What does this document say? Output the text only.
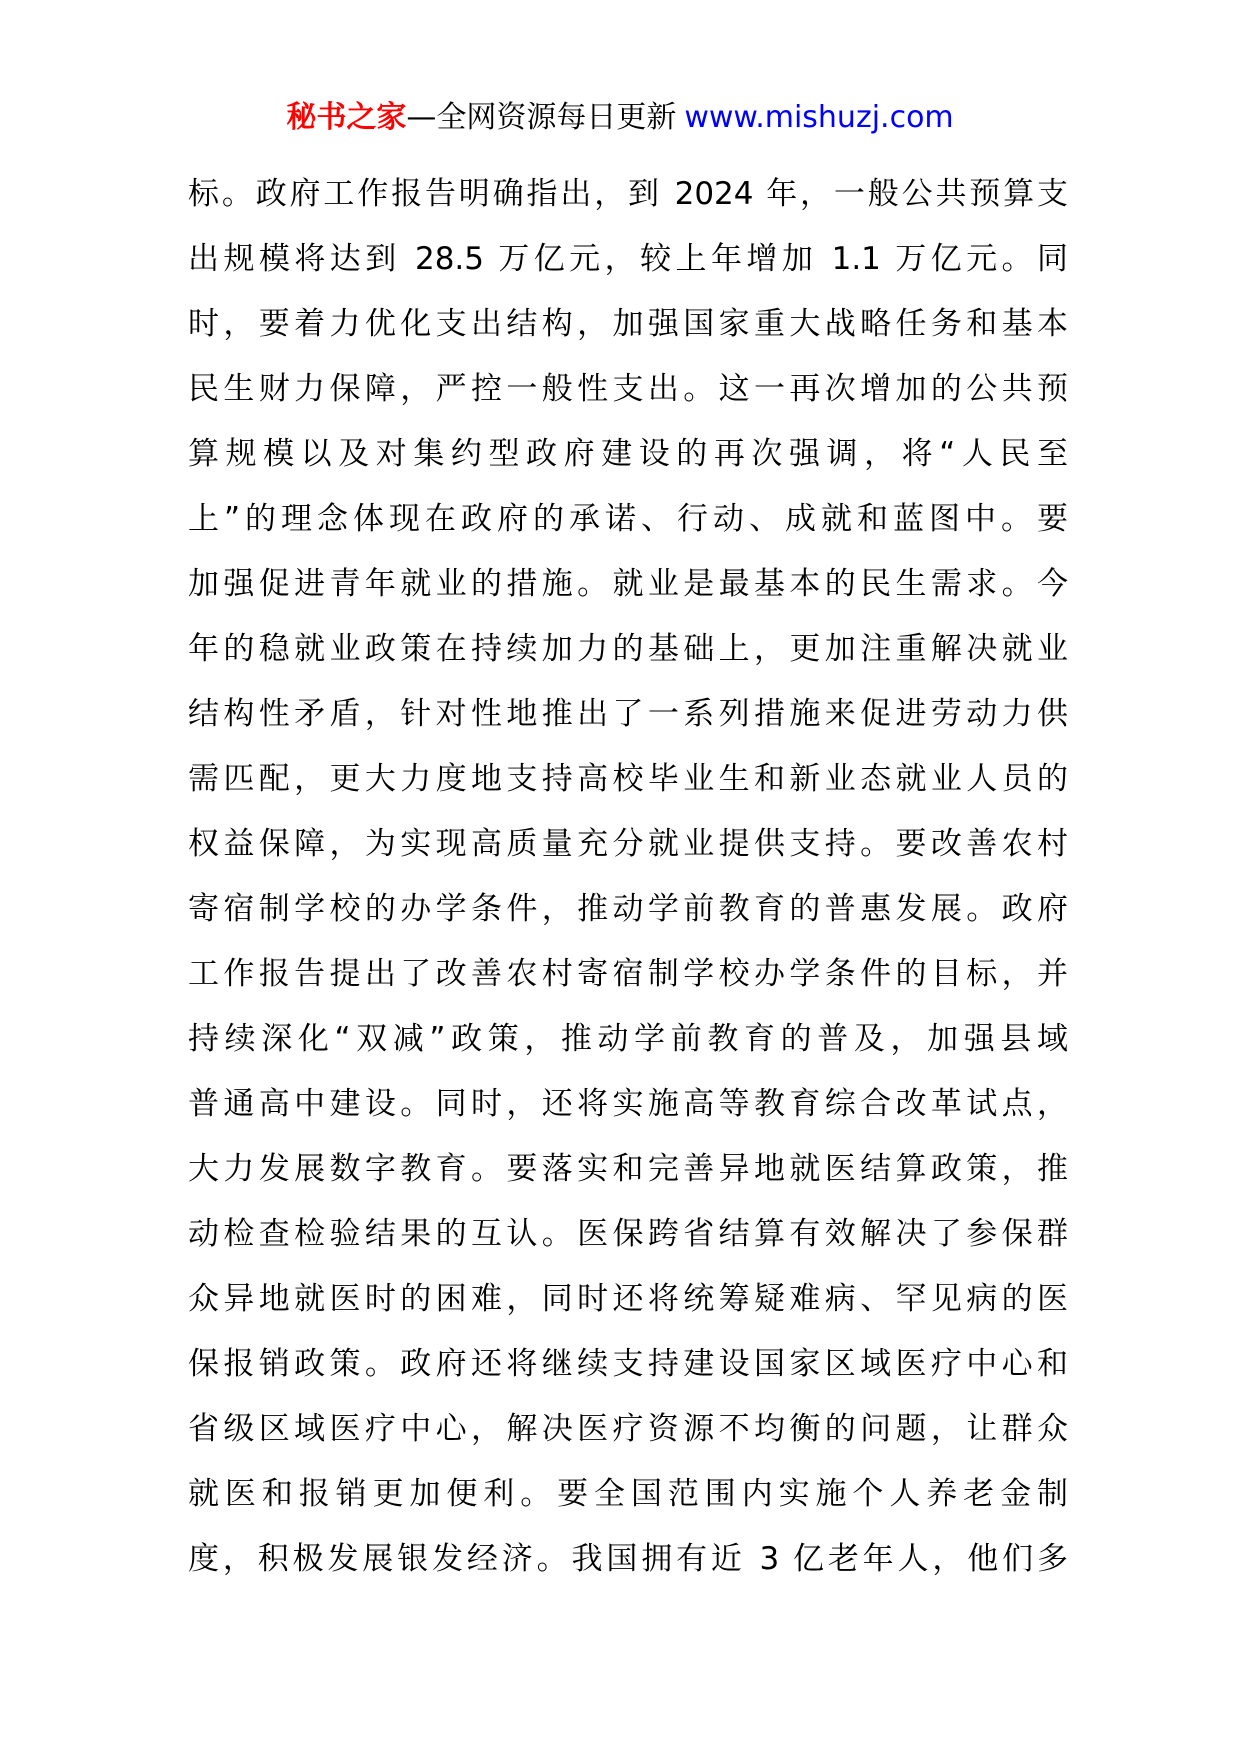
秘书之家—全网资源每日更新 www.mishuzj.com
标。政府工作报告明确指出，到 2024 年，一般公共预算支
出规模将达到 28.5 万亿元，较上年增加 1.1 万亿元。同
时，要着力优化支出结构，加强国家重大战略任务和基本
民生财力保障，严控一般性支出。这一再次增加的公共预
算规模以及对集约型政府建设的再次强调，将“人民至
上”的理念体现在政府的承诺、行动、成就和蓝图中。要
加强促进青年就业的措施。就业是最基本的民生需求。今
年的稳就业政策在持续加力的基础上，更加注重解决就业
结构性矛盾，针对性地推出了一系列措施来促进劳动力供
需匹配，更大力度地支持高校毕业生和新业态就业人员的
权益保障，为实现高质量充分就业提供支持。要改善农村
寄宿制学校的办学条件，推动学前教育的普惠发展。政府
工作报告提出了改善农村寄宿制学校办学条件的目标，并
持续深化“双减”政策，推动学前教育的普及，加强县域
普通高中建设。同时，还将实施高等教育综合改革试点，
大力发展数字教育。要落实和完善异地就医结算政策，推
动检查检验结果的互认。医保跨省结算有效解决了参保群
众异地就医时的困难，同时还将统筹疑难病、罕见病的医
保报销政策。政府还将继续支持建设国家区域医疗中心和
省级区域医疗中心，解决医疗资源不均衡的问题，让群众
就医和报销更加便利。要全国范围内实施个人养老金制
度，积极发展银发经济。我国拥有近 3 亿老年人，他们多
